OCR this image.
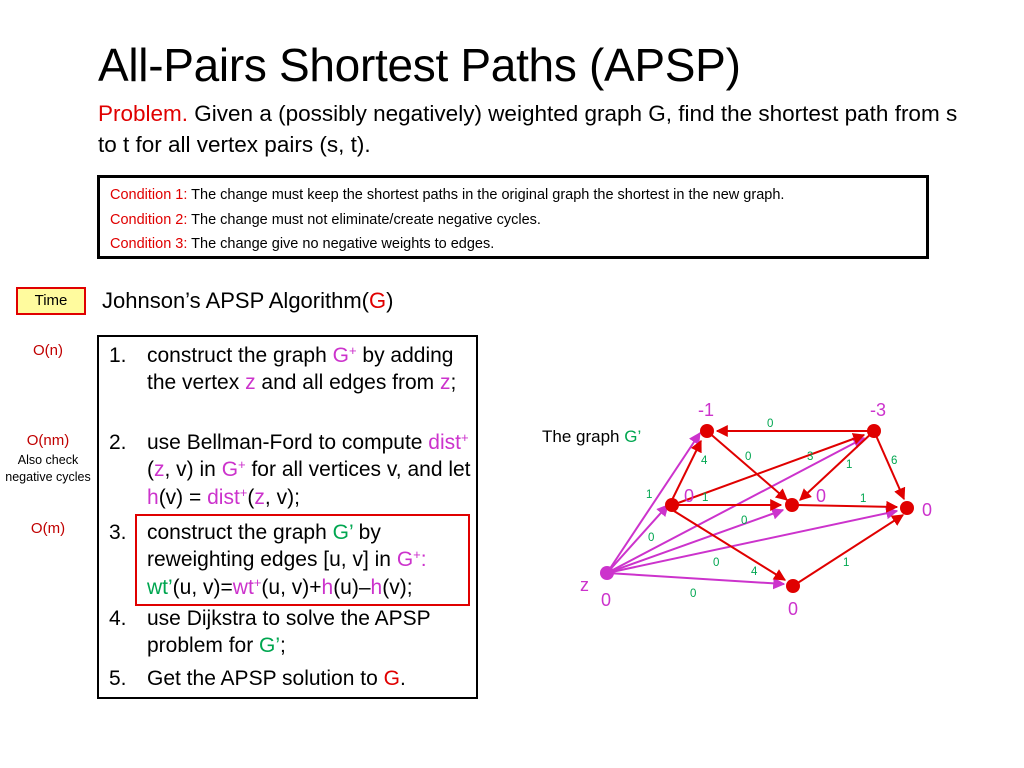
All-Pairs Shortest Paths (APSP)
Problem. Given a (possibly negatively) weighted graph G, find the shortest path from s to t for all vertex pairs (s, t).
Condition 1: The change must keep the shortest paths in the original graph the shortest in the new graph.
Condition 2: The change must not eliminate/create negative cycles.
Condition 3: The change give no negative weights to edges.
Time	Johnson’s APSP Algorithm(G)
O(n)
O(nm)
Also check negative cycles
O(m)
1. construct the graph G+ by adding the vertex z and all edges from z;
2. use Bellman-Ford to compute dist+(z, v) in G+ for all vertices v, and let h(v) = dist+(z, v);
3. construct the graph G’ by reweighting edges [u, v] in G+:
wt’(u, v)=wt+(u, v)+h(u)–h(v);
4. use Dijkstra to solve the APSP problem for G’;
5. Get the APSP solution to G.
The graph G’
-1	-3
0	0
0
0
z
0
0
4	0	3
1	6
1	1	1
0
0
0
4
1
0
